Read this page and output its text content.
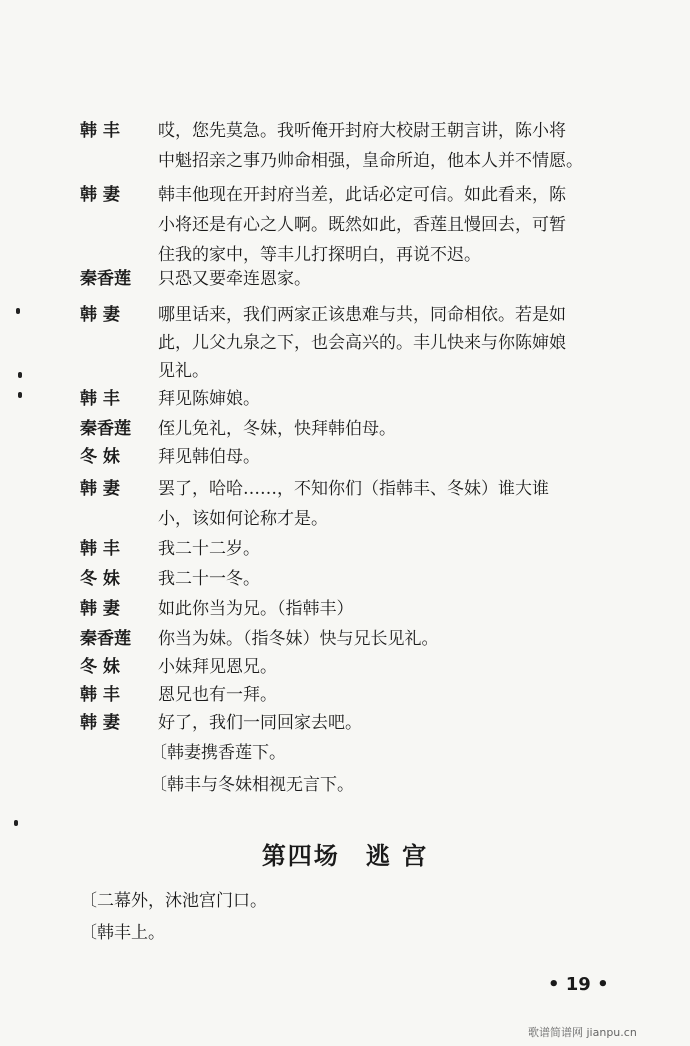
韩 丰	哎，您先莫急。我听俺开封府大校尉王朝言讲，陈小将
中魁招亲之事乃帅命相强，皇命所迫，他本人并不情愿。
韩 妻	韩丰他现在开封府当差，此话必定可信。如此看来，陈
小将还是有心之人啊。既然如此，香莲且慢回去，可暂
住我的家中，等丰儿打探明白，再说不迟。
秦香莲	只恐又要牵连恩家。
韩 妻	哪里话来，我们两家正该患难与共，同命相依。若是如
此，儿父九泉之下，也会高兴的。丰儿快来与你陈婶娘
见礼。
韩 丰	拜见陈婶娘。
秦香莲	侄儿免礼，冬妹，快拜韩伯母。
冬 妹	拜见韩伯母。
韩 妻	罢了，哈哈……，不知你们（指韩丰、冬妹）谁大谁
小，该如何论称才是。
韩 丰	我二十二岁。
冬 妹	我二十一冬。
韩 妻	如此你当为兄。（指韩丰）
秦香莲	你当为妹。（指冬妹）快与兄长见礼。
冬 妹	小妹拜见恩兄。
韩 丰	恩兄也有一拜。
韩 妻	好了，我们一同回家去吧。
〔韩妻携香莲下。
〔韩丰与冬妹相视无言下。
第四场 逃 宫
〔二幕外，沐池宫门口。
〔韩丰上。
• 19 •
歌谱简谱网 jianpu.cn
